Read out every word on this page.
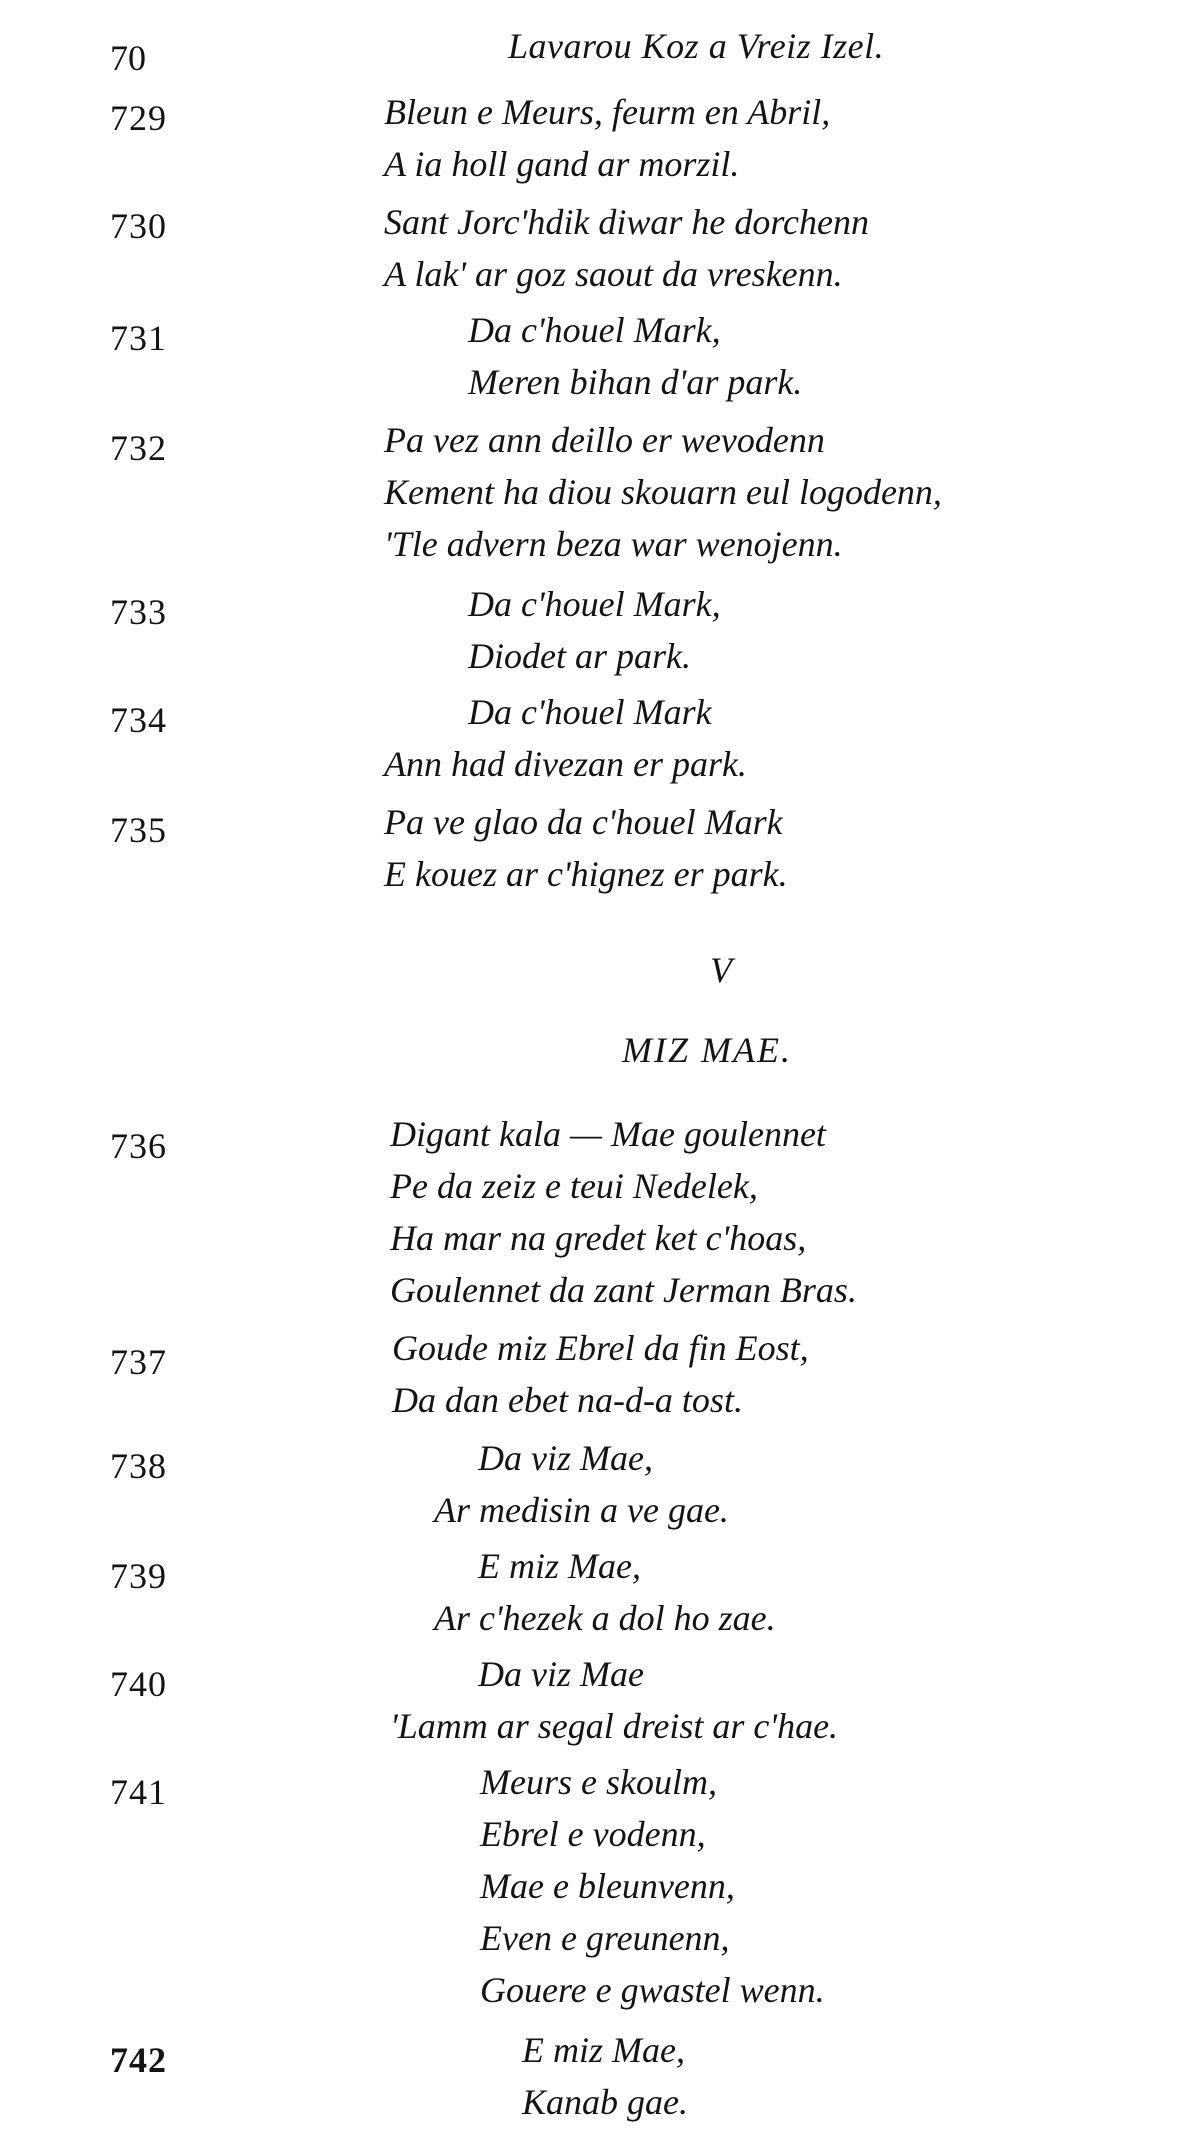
70	Lavarou Koz a Vreiz Izel.
729	Bleun e Meurs, feurm en Abril,
A ia holl gand ar morzil.
730	Sant Jorc'hdik diwar he dorchenn
A lak' ar goz saout da vreskenn.
731	Da c'houel Mark,
Meren bihan d'ar park.
732	Pa vez ann deillo er wevodenn
Kement ha diou skouarn eul logodenn,
'Tle advern beza war wenojenn.
733	Da c'houel Mark,
Diodet ar park.
734	Da c'houel Mark
Ann had divezan er park.
735	Pa ve glao da c'houel Mark
E kouez ar c'hignez er park.
V
MIZ MAE.
736	Digant kala — Mae goulennet
Pe da zeiz e teui Nedelek,
Ha mar na gredet ket c'hoas,
Goulennet da zant Jerman Bras.
737	Goude miz Ebrel da fin Eost,
Da dan ebet na-d-a tost.
738	Da viz Mae,
Ar medisin a ve gae.
739	E miz Mae,
Ar c'hezek a dol ho zae.
740	Da viz Mae
'Lamm ar segal dreist ar c'hae.
741	Meurs e skoulm,
Ebrel e vodenn,
Mae e bleunvenn,
Even e greunenn,
Gouere e gwastel wenn.
742	E miz Mae,
Kanab gae.
